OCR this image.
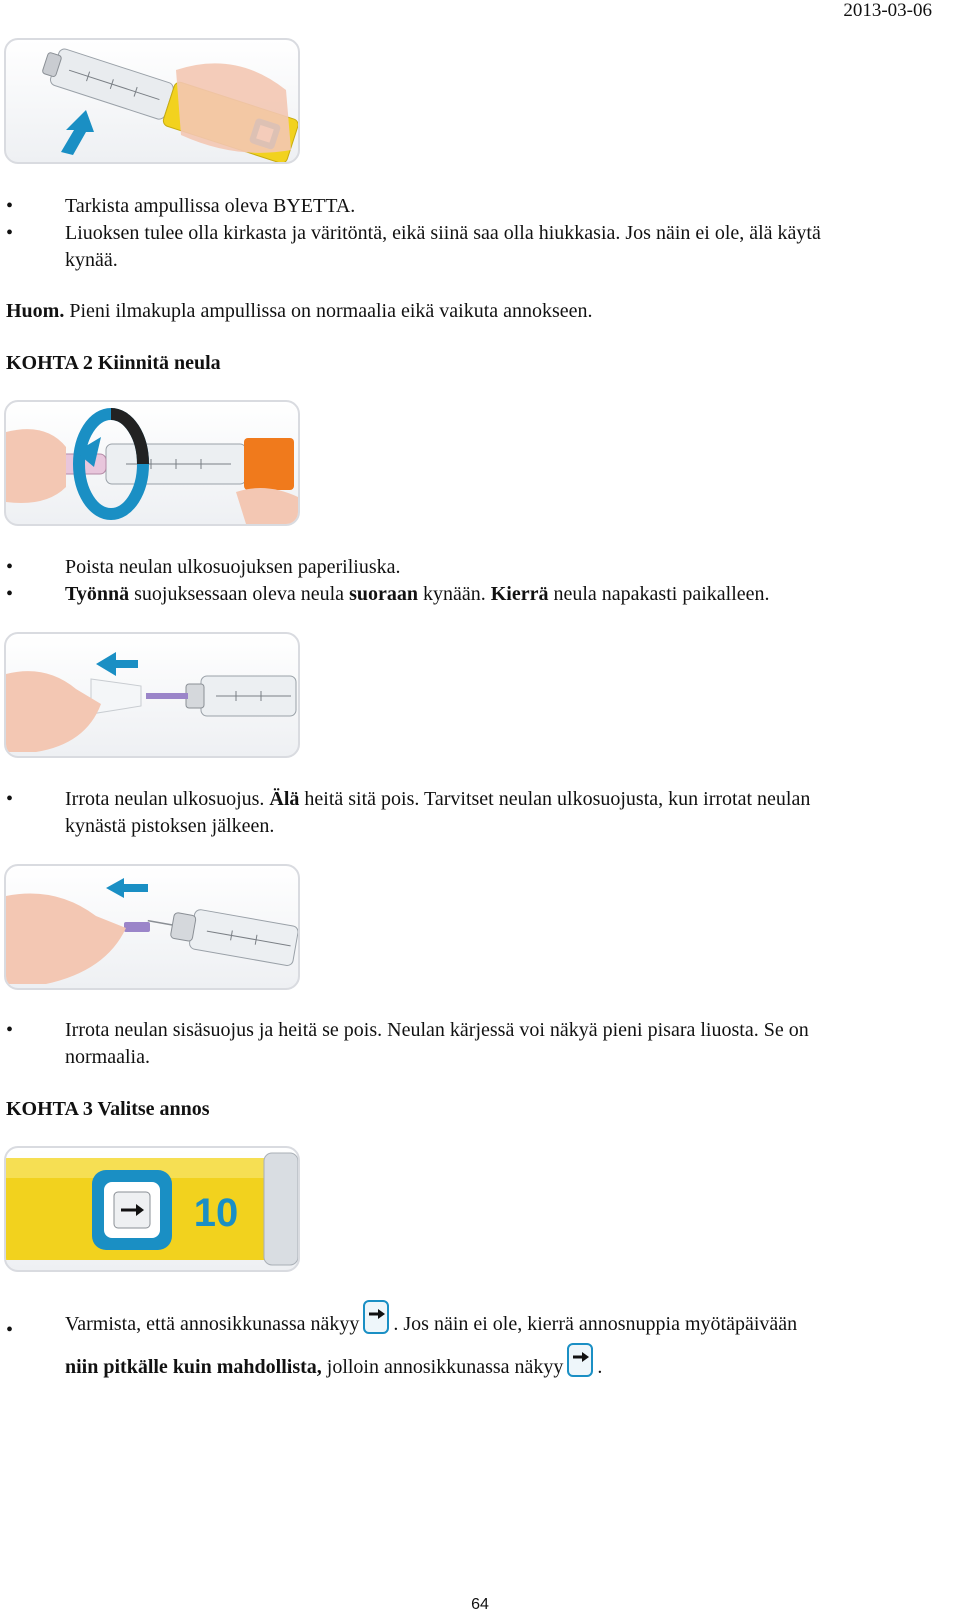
2013-03-06
•	Tarkista ampullissa oleva BYETTA.
•	Liuoksen tulee olla kirkasta ja väritöntä, eikä siinä saa olla hiukkasia. Jos näin ei ole, älä käytä
kynää.
Huom. Pieni ilmakupla ampullissa on normaalia eikä vaikuta annokseen.
KOHTA 2 Kiinnitä neula
•	Poista neulan ulkosuojuksen paperiliuska.
•	Työnnä suojuksessaan oleva neula suoraan kynään. Kierrä neula napakasti paikalleen.
•	Irrota neulan ulkosuojus. Älä heitä sitä pois. Tarvitset neulan ulkosuojusta, kun irrotat neulan
kynästä pistoksen jälkeen.
•	Irrota neulan sisäsuojus ja heitä se pois. Neulan kärjessä voi näkyä pieni pisara liuosta. Se on
normaalia.
KOHTA 3 Valitse annos
10
•	Varmista, että annosikkunassa näkyy . Jos näin ei ole, kierrä annosnuppia myötäpäivään
niin pitkälle kuin mahdollista, jolloin annosikkunassa näkyy .
64
